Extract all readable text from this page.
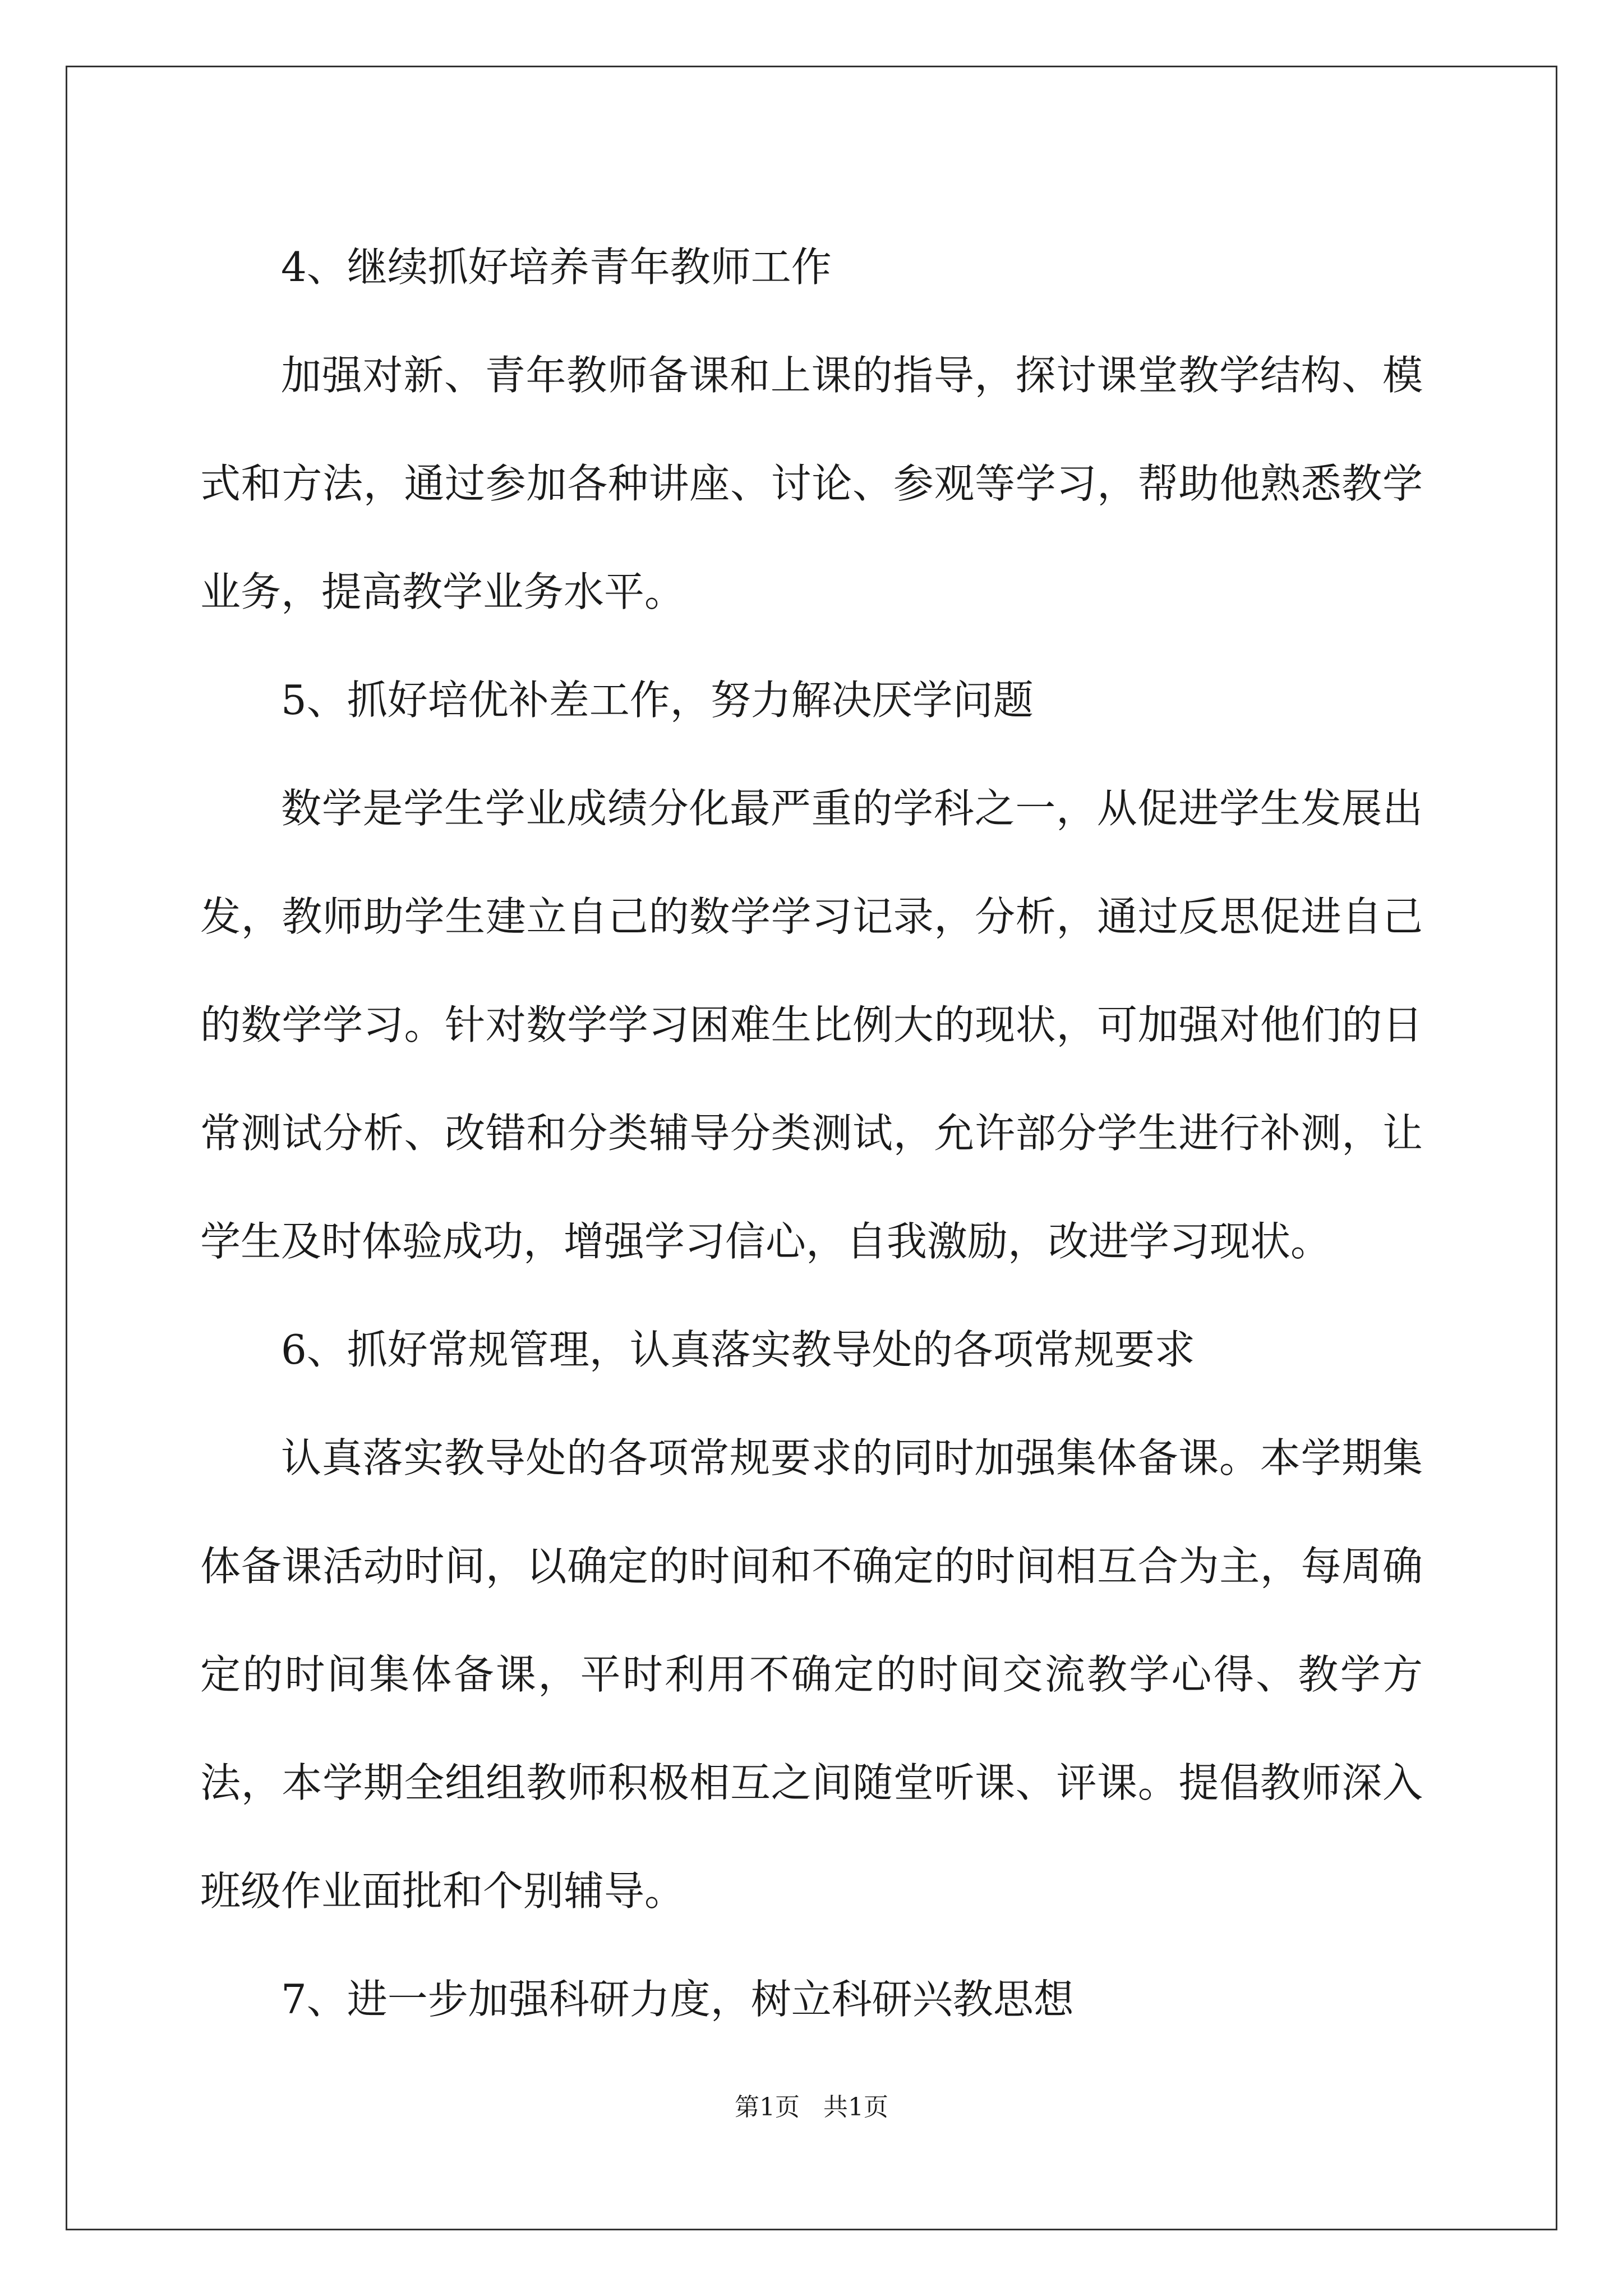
4、继续抓好培养青年教师工作

加强对新、青年教师备课和上课的指导，探讨课堂教学结构、模式和方法，通过参加各种讲座、讨论、参观等学习，帮助他熟悉教学业务，提高教学业务水平。

5、抓好培优补差工作，努力解决厌学问题

数学是学生学业成绩分化最严重的学科之一，从促进学生发展出发，教师助学生建立自己的数学学习记录，分析，通过反思促进自己的数学学习。针对数学学习困难生比例大的现状，可加强对他们的日常测试分析、改错和分类辅导分类测试，允许部分学生进行补测，让学生及时体验成功，增强学习信心，自我激励，改进学习现状。

6、抓好常规管理，认真落实教导处的各项常规要求

认真落实教导处的各项常规要求的同时加强集体备课。本学期集体备课活动时间，以确定的时间和不确定的时间相互合为主，每周确定的时间集体备课，平时利用不确定的时间交流教学心得、教学方法，本学期全组组教师积极相互之间随堂听课、评课。提倡教师深入班级作业面批和个别辅导。

7、进一步加强科研力度，树立科研兴教思想

第1页 共1页
